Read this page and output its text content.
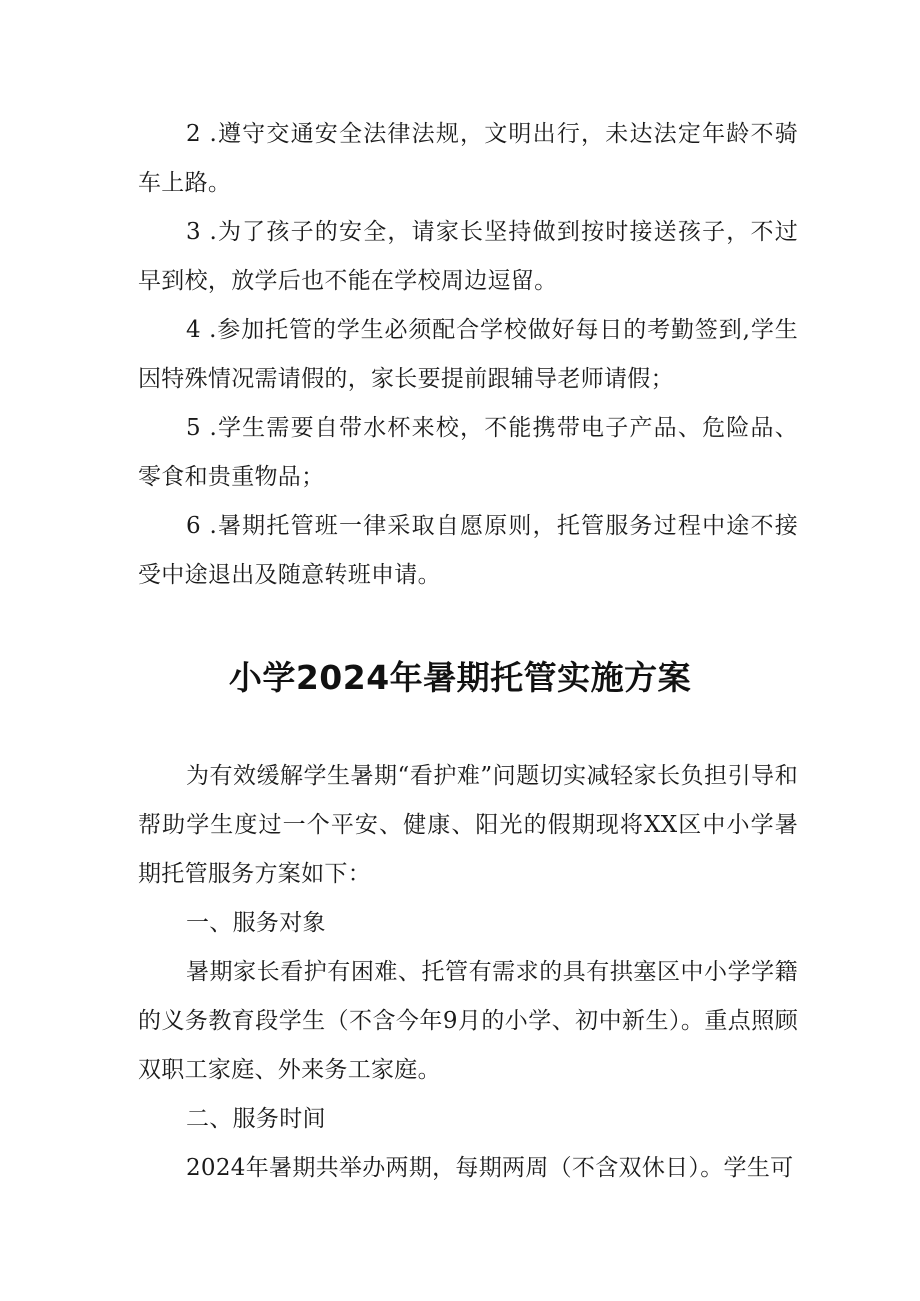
2 .遵守交通安全法律法规，文明出行，未达法定年龄不骑车上路。

3 .为了孩子的安全，请家长坚持做到按时接送孩子，不过早到校，放学后也不能在学校周边逗留。

4 .参加托管的学生必须配合学校做好每日的考勤签到,学生因特殊情况需请假的，家长要提前跟辅导老师请假；

5 .学生需要自带水杯来校，不能携带电子产品、危险品、零食和贵重物品；

6 .暑期托管班一律采取自愿原则，托管服务过程中途不接受中途退出及随意转班申请。

小学2024年暑期托管实施方案

为有效缓解学生暑期“看护难”问题切实减轻家长负担引导和帮助学生度过一个平安、健康、阳光的假期现将XX区中小学暑期托管服务方案如下：

一、服务对象

暑期家长看护有困难、托管有需求的具有拱塞区中小学学籍的义务教育段学生（不含今年9月的小学、初中新生）。重点照顾双职工家庭、外来务工家庭。

二、服务时间

2024年暑期共举办两期，每期两周（不含双休日）。学生可
